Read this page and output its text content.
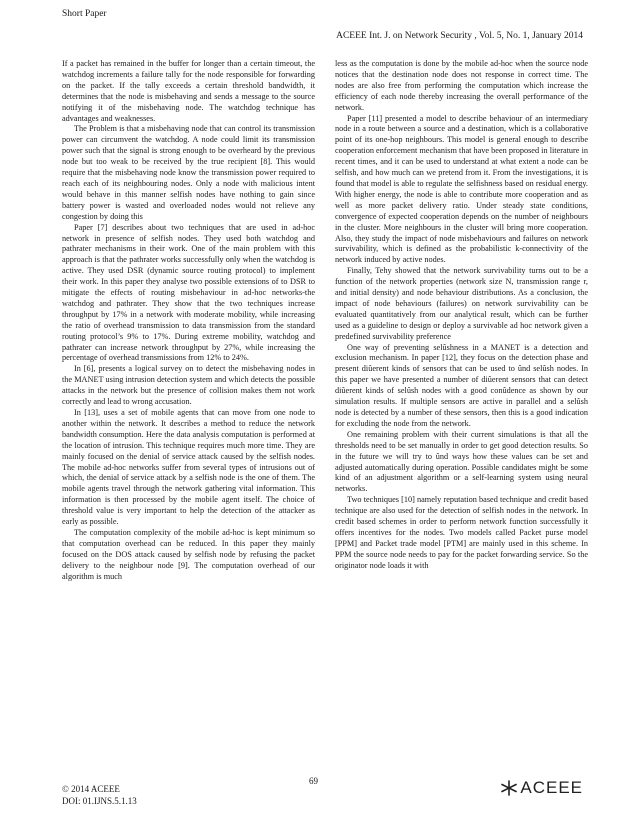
Short Paper
ACEEE Int. J. on Network Security , Vol. 5, No. 1, January 2014

If a packet has remained in the buffer for longer than a certain timeout, the watchdog increments a failure tally for the node responsible for forwarding on the packet. If the tally exceeds a certain threshold bandwidth, it determines that the node is misbehaving and sends a message to the source notifying it of the misbehaving node. The watchdog technique has advantages and weaknesses.

The Problem is that a misbehaving node that can control its transmission power can circumvent the watchdog. A node could limit its transmission power such that the signal is strong enough to be overheard by the previous node but too weak to be received by the true recipient [8]. This would require that the misbehaving node know the transmission power required to reach each of its neighbouring nodes. Only a node with malicious intent would behave in this manner selfish nodes have nothing to gain since battery power is wasted and overloaded nodes would not relieve any congestion by doing this

Paper [7] describes about two techniques that are used in ad-hoc network in presence of selfish nodes. They used both watchdog and pathrater mechanisms in their work. One of the main problem with this approach is that the pathrater works successfully only when the watchdog is active. They used DSR (dynamic source routing protocol) to implement their work. In this paper they analyse two possible extensions of to DSR to mitigate the effects of routing misbehaviour in ad-hoc networks-the watchdog and pathrater. They show that the two techniques increase throughput by 17% in a network with moderate mobility, while increasing the ratio of overhead transmission to data transmission from the standard routing protocol’s 9% to 17%. During extreme mobility, watchdog and pathrater can increase network throughput by 27%, while increasing the percentage of overhead transmissions from 12% to 24%.

In [6], presents a logical survey on to detect the misbehaving nodes in the MANET using intrusion detection system and which detects the possible attacks in the network but the presence of collision makes them not work correctly and lead to wrong accusation.

In [13], uses a set of mobile agents that can move from one node to another within the network. It describes a method to reduce the network bandwidth consumption. Here the data analysis computation is performed at the location of intrusion. This technique requires much more time. They are mainly focused on the denial of service attack caused by the selfish nodes. The mobile ad-hoc networks suffer from several types of intrusions out of which, the denial of service attack by a selfish node is the one of them. The mobile agents travel through the network gathering vital information. This information is then processed by the mobile agent itself. The choice of threshold value is very important to help the detection of the attacker as early as possible.

The computation complexity of the mobile ad-hoc is kept minimum so that computation overhead can be reduced. In this paper they mainly focused on the DOS attack caused by selfish node by refusing the packet delivery to the neighbour node [9]. The computation overhead of our algorithm is much

less as the computation is done by the mobile ad-hoc when the source node notices that the destination node does not response in correct time. The nodes are also free from performing the computation which increase the efficiency of each node thereby increasing the overall performance of the network.

Paper [11] presented a model to describe behaviour of an intermediary node in a route between a source and a destination, which is a collaborative point of its one-hop neighbours. This model is general enough to describe cooperation enforcement mechanism that have been proposed in literature in recent times, and it can be used to understand at what extent a node can be selfish, and how much can we pretend from it. From the investigations, it is found that model is able to regulate the selfishness based on residual energy. With higher energy, the node is able to contribute more cooperation and as well as more packet delivery ratio. Under steady state conditions, convergence of expected cooperation depends on the number of neighbours in the cluster. More neighbours in the cluster will bring more cooperation. Also, they study the impact of node misbehaviours and failures on network survivability, which is defined as the probabilistic k-connectivity of the network induced by active nodes.

Finally, Tehy showed that the network survivability turns out to be a function of the network properties (network size N, transmission range r, and initial density) and node behaviour distributions. As a conclusion, the impact of node behaviours (failures) on network survivability can be evaluated quantitatively from our analytical result, which can be further used as a guideline to design or deploy a survivable ad hoc network given a predefined survivability preference

One way of preventing selûshness in a MANET is a detection and exclusion mechanism. In paper [12], they focus on the detection phase and present diûerent kinds of sensors that can be used to ûnd selûsh nodes. In this paper we have presented a number of diûerent sensors that can detect diûerent kinds of selûsh nodes with a good conûdence as shown by our simulation results. If multiple sensors are active in parallel and a selûsh node is detected by a number of these sensors, then this is a good indication for excluding the node from the network.

One remaining problem with their current simulations is that all the thresholds need to be set manually in order to get good detection results. So in the future we will try to ûnd ways how these values can be set and adjusted automatically during operation. Possible candidates might be some kind of an adjustment algorithm or a self-learning system using neural networks.

Two techniques [10] namely reputation based technique and credit based technique are also used for the detection of selfish nodes in the network. In credit based schemes in order to perform network function successfully it offers incentives for the nodes. Two models called Packet purse model [PPM] and Packet trade model [PTM] are mainly used in this scheme. In PPM the source node needs to pay for the packet forwarding service. So the originator node loads it with

© 2014 ACEEE
DOI: 01.IJNS.5.1.13
69	ACEEE
